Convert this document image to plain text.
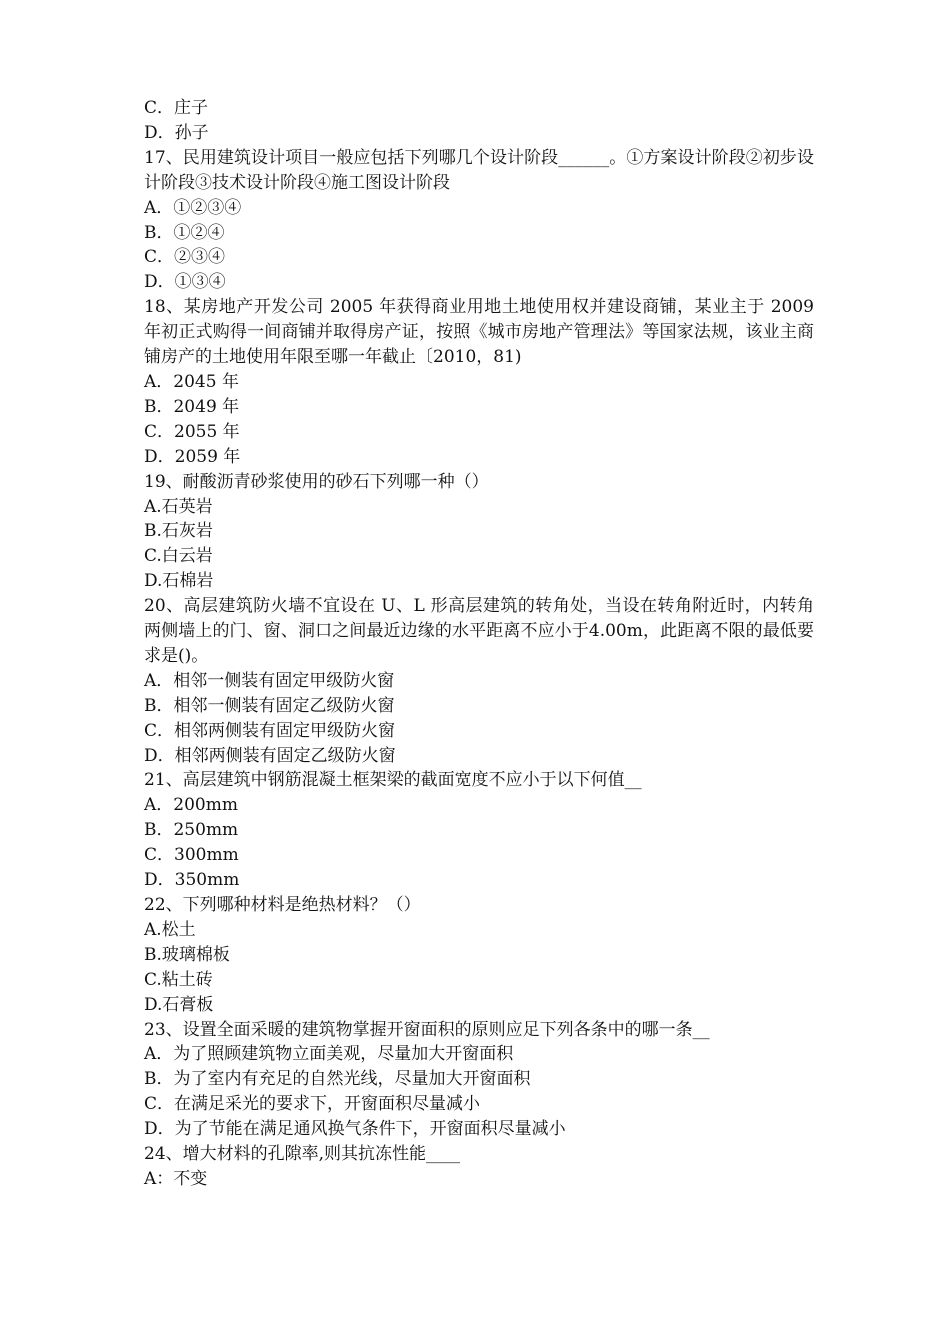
C．庄子
D．孙子
17、民用建筑设计项目一般应包括下列哪几个设计阶段______。①方案设计阶段②初步设计阶段③技术设计阶段④施工图设计阶段
A．①②③④
B．①②④
C．②③④
D．①③④
18、某房地产开发公司 2005 年获得商业用地土地使用权并建设商铺，某业主于 2009 年初正式购得一间商铺并取得房产证，按照《城市房地产管理法》等国家法规，该业主商铺房产的土地使用年限至哪一年截止〔2010，81)
A．2045 年
B．2049 年
C．2055 年
D．2059 年
19、耐酸沥青砂浆使用的砂石下列哪一种（）
A.石英岩
B.石灰岩
C.白云岩
D.石棉岩
20、高层建筑防火墙不宜设在 U、L 形高层建筑的转角处，当设在转角附近时，内转角两侧墙上的门、窗、洞口之间最近边缘的水平距离不应小于4.00m，此距离不限的最低要求是()。
A．相邻一侧装有固定甲级防火窗
B．相邻一侧装有固定乙级防火窗
C．相邻两侧装有固定甲级防火窗
D．相邻两侧装有固定乙级防火窗
21、高层建筑中钢筋混凝土框架梁的截面宽度不应小于以下何值__
A．200mm
B．250mm
C．300mm
D．350mm
22、下列哪种材料是绝热材料？（）
A.松土
B.玻璃棉板
C.粘土砖
D.石膏板
23、设置全面采暖的建筑物掌握开窗面积的原则应足下列各条中的哪一条__
A．为了照顾建筑物立面美观，尽量加大开窗面积
B．为了室内有充足的自然光线，尽量加大开窗面积
C．在满足采光的要求下，开窗面积尽量减小
D．为了节能在满足通风换气条件下，开窗面积尽量减小
24、增大材料的孔隙率,则其抗冻性能____
A：不变
